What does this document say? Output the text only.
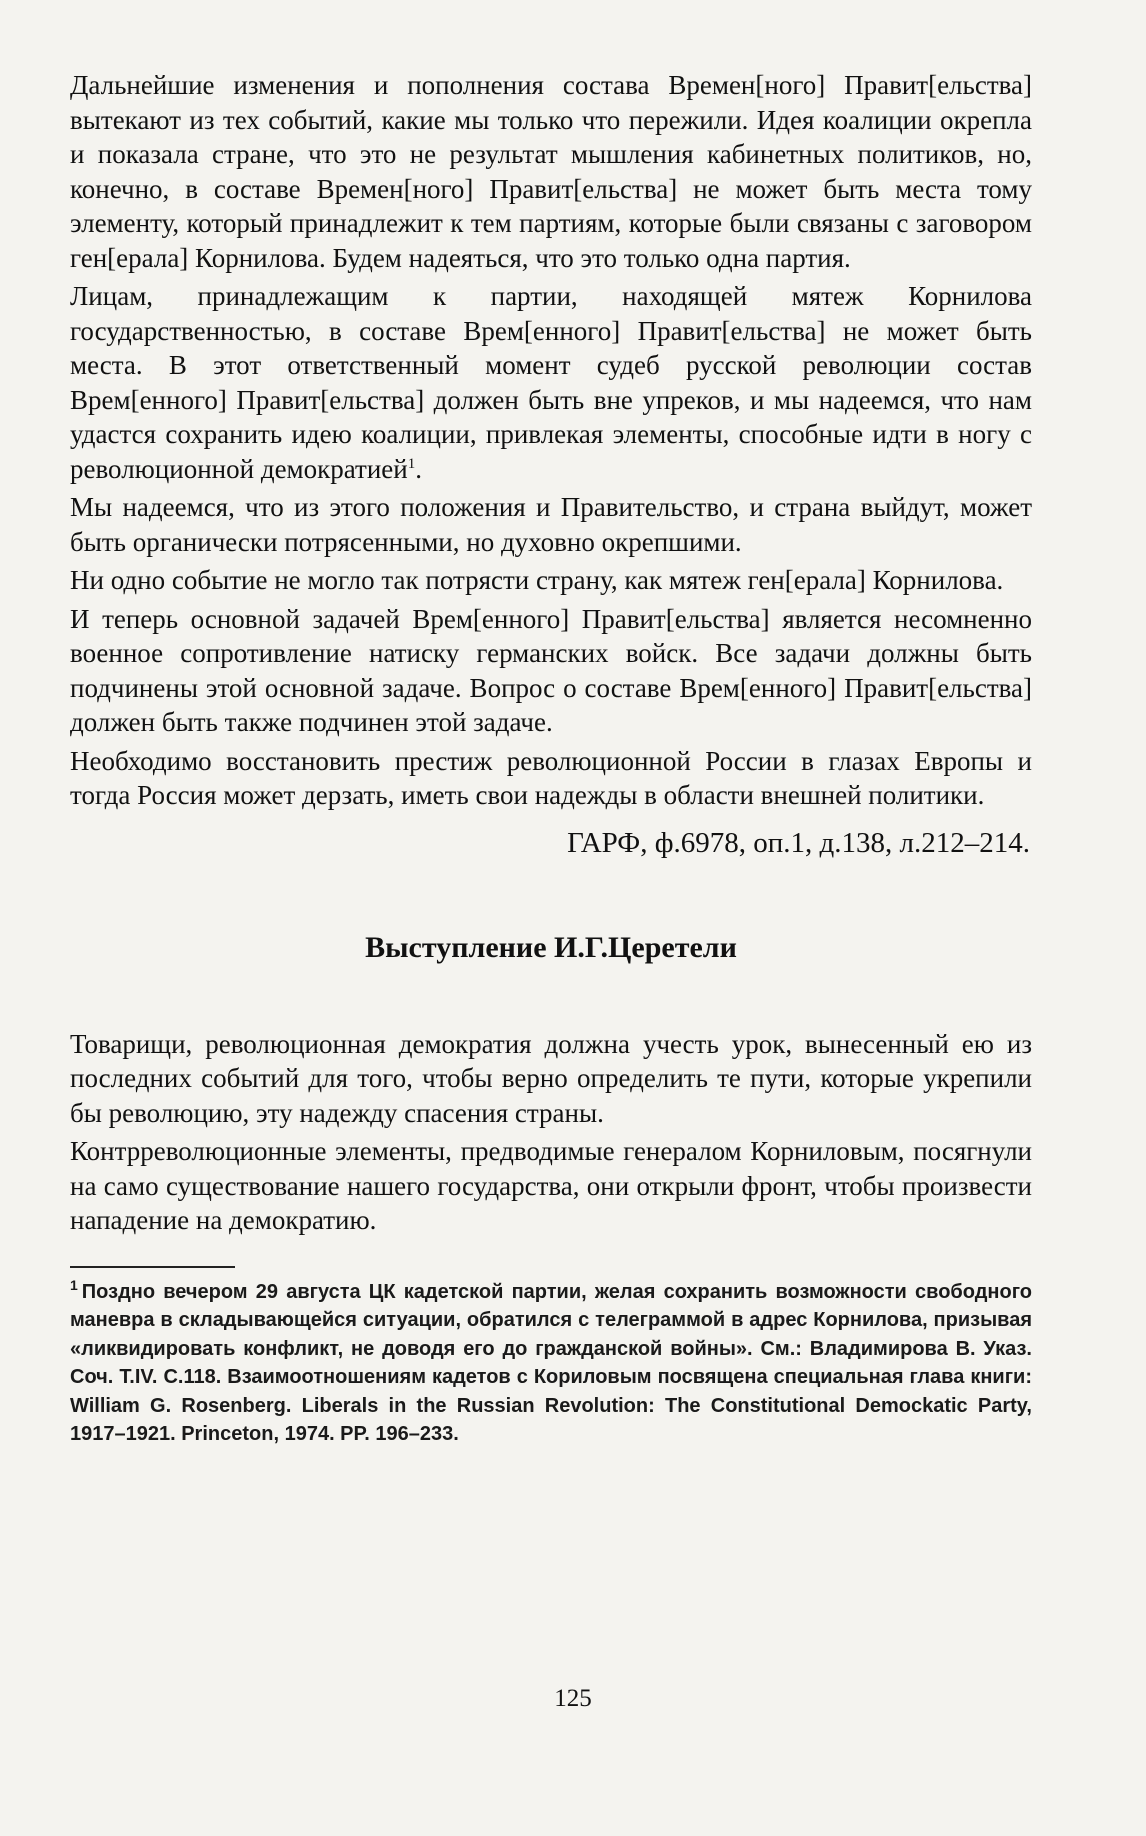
Дальнейшие изменения и пополнения состава Времен[ного] Правит[ельства] вытекают из тех событий, какие мы только что пережили. Идея коалиции окрепла и показала стране, что это не результат мышления кабинетных политиков, но, конечно, в составе Времен[ного] Правит[ельства] не может быть места тому элементу, который принадлежит к тем партиям, которые были связаны с заговором ген[ерала] Корнилова. Будем надеяться, что это только одна партия.

Лицам, принадлежащим к партии, находящей мятеж Корнилова государственностью, в составе Врем[енного] Правит[ельства] не может быть места. В этот ответственный момент судеб русской революции состав Врем[енного] Правит[ельства] должен быть вне упреков, и мы надеемся, что нам удастся сохранить идею коалиции, привлекая элементы, способные идти в ногу с революционной демократией$^1$.

Мы надеемся, что из этого положения и Правительство, и страна выйдут, может быть органически потрясенными, но духовно окрепшими.

Ни одно событие не могло так потрясти страну, как мятеж ген[ерала] Корнилова.

И теперь основной задачей Врем[енного] Правит[ельства] является несомненно военное сопротивление натиску германских войск. Все задачи должны быть подчинены этой основной задаче. Вопрос о составе Врем[енного] Правит[ельства] должен быть также подчинен этой задаче.

Необходимо восстановить престиж революционной России в глазах Европы и тогда Россия может дерзать, иметь свои надежды в области внешней политики.

ГАРФ, ф.6978, оп.1, д.138, л.212–214.
Выступление И.Г.Церетели

Товарищи, революционная демократия должна учесть урок, вынесенный ею из последних событий для того, чтобы верно определить те пути, которые укрепили бы революцию, эту надежду спасения страны.

Контрреволюционные элементы, предводимые генералом Корниловым, посягнули на само существование нашего государства, они открыли фронт, чтобы произвести нападение на демократию.

$^1$ Поздно вечером 29 августа ЦК кадетской партии, желая сохранить возможности свободного маневра в складывающейся ситуации, обратился с телеграммой в адрес Корнилова, призывая «ликвидировать конфликт, не доводя его до гражданской войны». См.: Владимирова В. Указ. Соч. Т.IV. С.118. Взаимоотношениям кадетов с Кориловым посвящена специальная глава книги: William G. Rosenberg. Liberals in the Russian Revolution: The Constitutional Demockatic Party, 1917–1921. Princeton, 1974. PP. 196–233.
125
